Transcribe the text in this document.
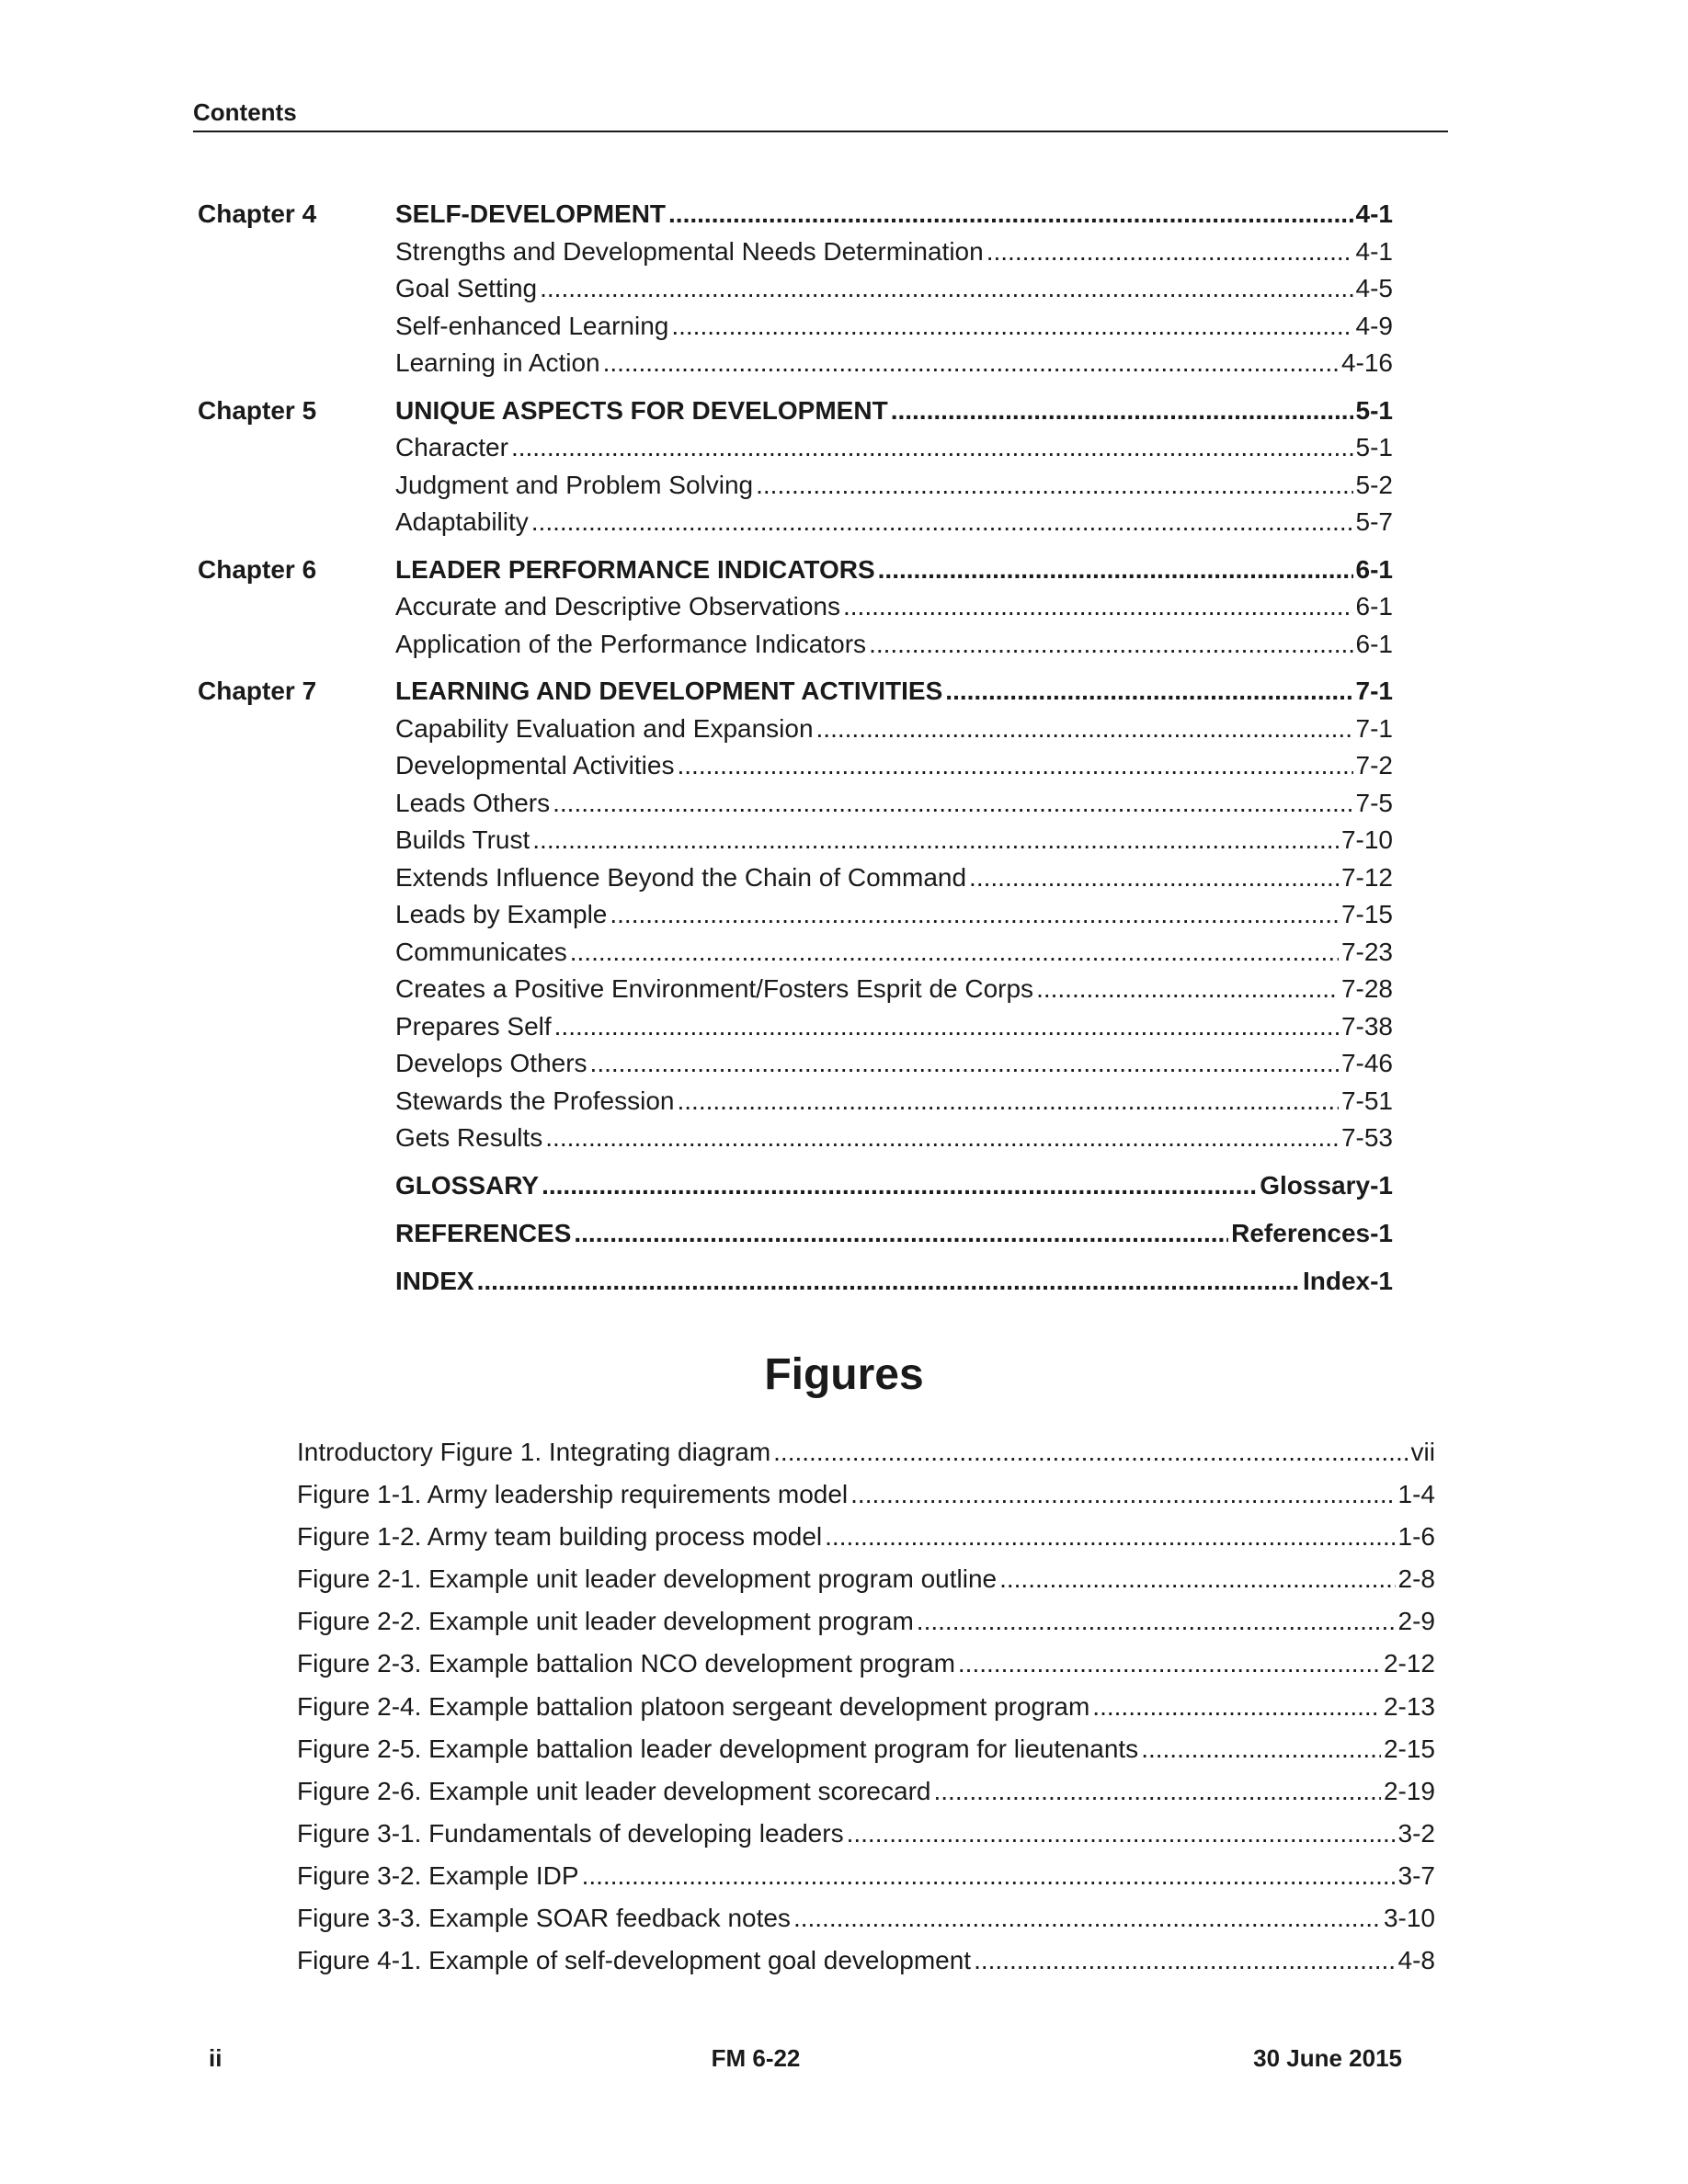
Contents
Chapter 4	SELF-DEVELOPMENT .....	4-1
Strengths and Developmental Needs Determination .....	4-1
Goal Setting .....	4-5
Self-enhanced Learning .....	4-9
Learning in Action .....	4-16
Chapter 5	UNIQUE ASPECTS FOR DEVELOPMENT .....	5-1
Character .....	5-1
Judgment and Problem Solving .....	5-2
Adaptability .....	5-7
Chapter 6	LEADER PERFORMANCE INDICATORS .....	6-1
Accurate and Descriptive Observations .....	6-1
Application of the Performance Indicators .....	6-1
Chapter 7	LEARNING AND DEVELOPMENT ACTIVITIES .....	7-1
Capability Evaluation and Expansion .....	7-1
Developmental Activities .....	7-2
Leads Others .....	7-5
Builds Trust .....	7-10
Extends Influence Beyond the Chain of Command .....	7-12
Leads by Example .....	7-15
Communicates .....	7-23
Creates a Positive Environment/Fosters Esprit de Corps .....	7-28
Prepares Self .....	7-38
Develops Others .....	7-46
Stewards the Profession .....	7-51
Gets Results .....	7-53
GLOSSARY .....	Glossary-1
REFERENCES .....	References-1
INDEX .....	Index-1
Figures
Introductory Figure 1. Integrating diagram .....	vii
Figure 1-1. Army leadership requirements model .....	1-4
Figure 1-2. Army team building process model .....	1-6
Figure 2-1. Example unit leader development program outline .....	2-8
Figure 2-2. Example unit leader development program .....	2-9
Figure 2-3. Example battalion NCO development program .....	2-12
Figure 2-4. Example battalion platoon sergeant development program .....	2-13
Figure 2-5. Example battalion leader development program for lieutenants .....	2-15
Figure 2-6. Example unit leader development scorecard .....	2-19
Figure 3-1. Fundamentals of developing leaders .....	3-2
Figure 3-2. Example IDP .....	3-7
Figure 3-3. Example SOAR feedback notes .....	3-10
Figure 4-1. Example of self-development goal development .....	4-8
ii	FM 6-22	30 June 2015
